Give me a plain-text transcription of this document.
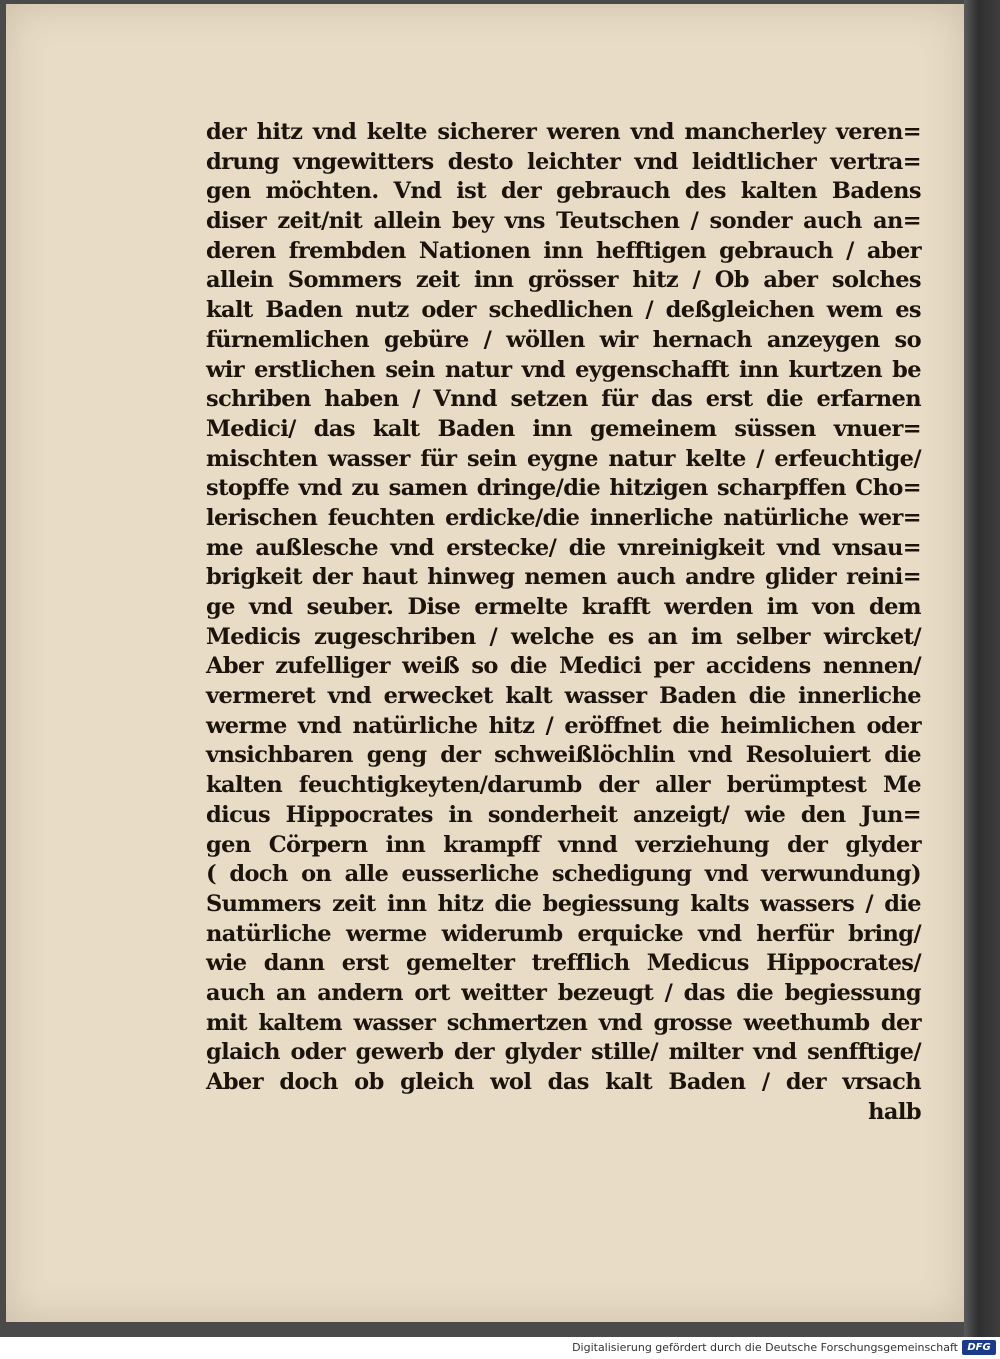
der hitz vnd kelte sicherer weren vnd mancherley veren=
drung vngewitters desto leichter vnd leidtlicher vertra=
gen möchten. Vnd ist der gebrauch des kalten Badens
diser zeit/nit allein bey vns Teutschen / sonder auch an=
deren frembden Nationen inn hefftigen gebrauch / aber
allein Sommers zeit inn grösser hitz / Ob aber solches
kalt Baden nutz oder schedlichen / deßgleichen wem es
fürnemlichen gebüre / wöllen wir hernach anzeygen so
wir erstlichen sein natur vnd eygenschafft inn kurtzen be
schriben haben / Vnnd setzen für das erst die erfarnen
Medici/ das kalt Baden inn gemeinem süssen vnuer=
mischten wasser für sein eygne natur kelte / erfeuchtige/
stopffe vnd zu samen dringe/die hitzigen scharpffen Cho=
lerischen feuchten erdicke/die innerliche natürliche wer=
me außlesche vnd erstecke/ die vnreinigkeit vnd vnsau=
brigkeit der haut hinweg nemen auch andre glider reini=
ge vnd seuber. Dise ermelte krafft werden im von dem
Medicis zugeschriben / welche es an im selber wircket/
Aber zufelliger weiß so die Medici per accidens nennen/
vermeret vnd erwecket kalt wasser Baden die innerliche
werme vnd natürliche hitz / eröffnet die heimlichen oder
vnsichbaren geng der schweißlöchlin vnd Resoluiert die
kalten feuchtigkeyten/darumb der aller berümptest Me
dicus Hippocrates in sonderheit anzeigt/ wie den Jun=
gen Cörpern inn krampff vnnd verziehung der glyder
( doch on alle eusserliche schedigung vnd verwundung)
Summers zeit inn hitz die begiessung kalts wassers / die
natürliche werme widerumb erquicke vnd herfür bring/
wie dann erst gemelter trefflich Medicus Hippocrates/
auch an andern ort weitter bezeugt / das die begiessung
mit kaltem wasser schmertzen vnd grosse weethumb der
glaich oder gewerb der glyder stille/ milter vnd senfftige/
Aber doch ob gleich wol das kalt Baden / der vrsach
halb
Digitalisierung gefördert durch die Deutsche Forschungsgemeinschaft DFG
